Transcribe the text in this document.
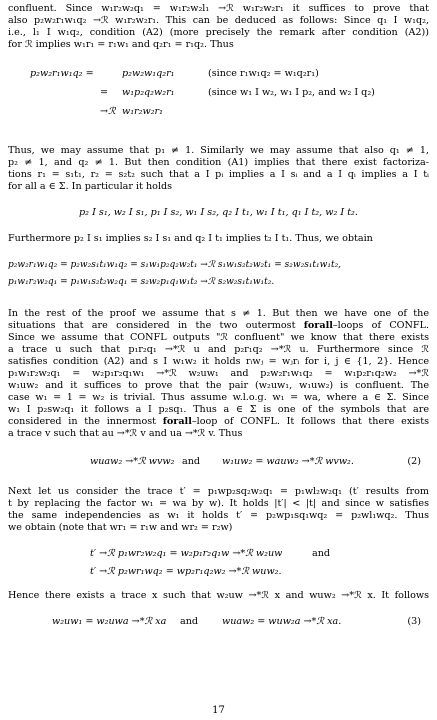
confluent. Since w₁r₂w₂q₁ = w₁r₂w₂l₁ →ℛ w₁r₂w₂r₁ it suffices to prove that
also p₂w₂r₁w₁q₂ →ℛ w₁r₂w₂r₁. This can be deduced as follows: Since q₁ I w₁q₂,
i.e., l₁ I w₁q₂, condition (A2) (more precisely the remark after condition (A2))
for ℛ implies w₁r₁ = r₁w₁ and q₂r₁ = r₁q₂. Thus
p₂w₂r₁w₁q₂ =	p₂w₂w₁q₂r₁	(since r₁w₁q₂ = w₁q₂r₁)
= w₁p₂q₂w₂r₁	(since w₁ I w₂, w₁ I p₂, and w₂ I q₂)
→ℛ w₁r₂w₂r₁
Thus, we may assume that p₁ ≠ 1. Similarly we may assume that also q₁ ≠ 1,
p₂ ≠ 1, and q₂ ≠ 1. But then condition (A1) implies that there exist factoriza-
tions r₁ = s₁t₁, r₂ = s₂t₂ such that a I pᵢ implies a I sᵢ and a I qᵢ implies a I tᵢ
for all a ∈ Σ. In particular it holds
p₂ I s₁, w₂ I s₁, p₁ I s₂, w₁ I s₂, q₂ I t₁, w₁ I t₁, q₁ I t₂, w₂ I t₂.
Furthermore p₂ I s₁ implies s₂ I s₁ and q₂ I t₁ implies t₂ I t₁. Thus, we obtain
p₂w₂r₁w₁q₂ = p₂w₂s₁t₁w₁q₂ = s₁w₁p₂q₂w₂t₁ →ℛ s₁w₁s₂t₂w₂t₁ = s₂w₂s₁t₁w₁t₂,
p₁w₁r₂w₂q₁ = p₁w₁s₂t₂w₂q₁ = s₂w₂p₁q₁w₁t₂ →ℛ s₂w₂s₁t₁w₁t₂.
In the rest of the proof we assume that s ≠ 1. But then we have one of the
situations that are considered in the two outermost forall–loops of CONFL.
Since we assume that CONFL outputs "ℛ confluent" we know that there exists
a trace u such that p₁r₂q₁ →*ℛ u and p₂r₁q₂ →*ℛ u. Furthermore since ℛ
satisfies condition (A2) and s I w₁w₂ it holds rᵢwⱼ = wⱼrᵢ for i, j ∈ {1, 2}. Hence
p₁w₁r₂w₂q₁ = w₂p₁r₂q₁w₁ →*ℛ w₂uw₁ and p₂w₂r₁w₁q₂ = w₁p₂r₁q₂w₂ →*ℛ
w₁uw₂ and it suffices to prove that the pair (w₂uw₁, w₁uw₂) is confluent. The
case w₁ = 1 = w₂ is trivial. Thus assume w.l.o.g. w₁ = wa, where a ∈ Σ. Since
w₁ I p₂sw₂q₁ it follows a I p₂sq₁. Thus a ∈ Σ is one of the symbols that are
considered in the innermost forall–loop of CONFL. It follows that there exists
a trace v such that au →*ℛ v and ua →*ℛ v. Thus
wuaw₂ →*ℛ wvw₂ and w₁uw₂ = wauw₂ →*ℛ wvw₂.	(2)
Next let us consider the trace t′ = p₁wp₂sq₂w₂q₁ = p₁wl₂w₂q₁ (t′ results from
t by replacing the factor w₁ = wa by w). It holds |t′| < |t| and since w satisfies
the same independencies as w₁ it holds t′ = p₂wp₁sq₁wq₂ = p₂wl₁wq₂. Thus
we obtain (note that wr₁ = r₁w and wr₂ = r₂w)
t′ →ℛ p₁wr₂w₂q₁ = w₂p₁r₂q₁w →*ℛ w₂uw	and
t′ →ℛ p₂wr₁wq₂ = wp₂r₁q₂w₂ →*ℛ wuw₂.
Hence there exists a trace x such that w₂uw →*ℛ x and wuw₂ →*ℛ x. It follows
w₂uw₁ = w₂uwa →*ℛ xa and wuaw₂ = wuw₂a →*ℛ xa.	(3)
17
